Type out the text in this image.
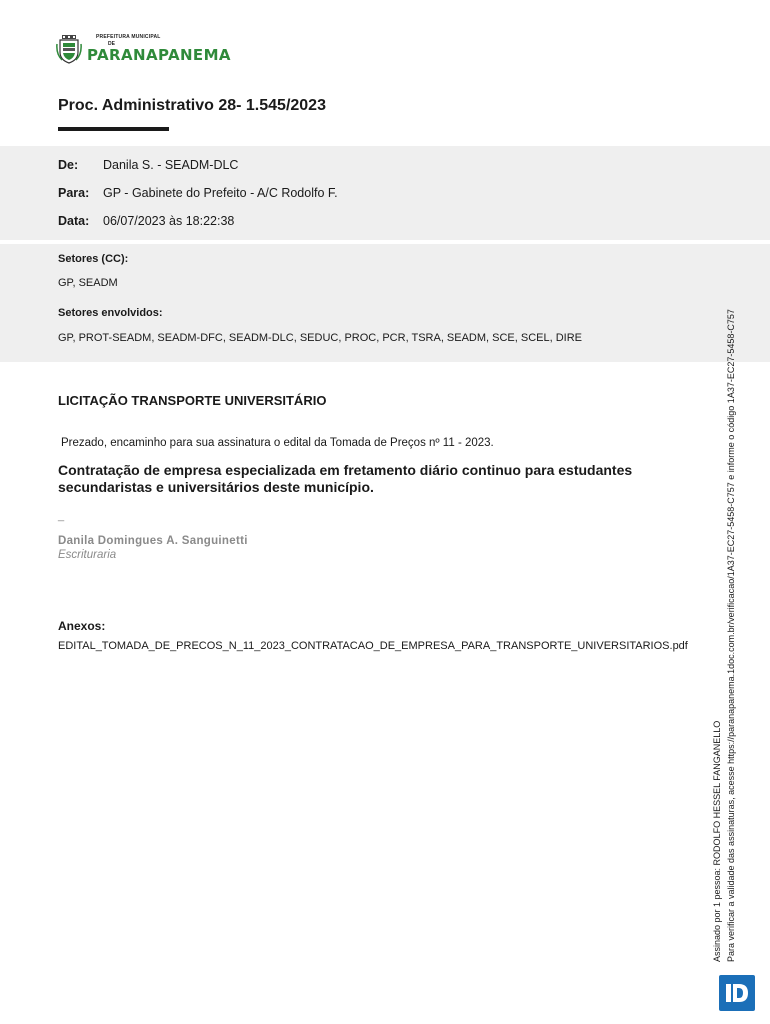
PREFEITURA MUNICIPAL
DE
PARANAPANEMA
Proc. Administrativo 28- 1.545/2023
De: Danila S. - SEADM-DLC
Para: GP - Gabinete do Prefeito - A/C Rodolfo F.
Data: 06/07/2023 às 18:22:38
Setores (CC):
GP, SEADM
Setores envolvidos:
GP, PROT-SEADM, SEADM-DFC, SEADM-DLC, SEDUC, PROC, PCR, TSRA, SEADM, SCE, SCEL, DIRE
LICITAÇÃO TRANSPORTE UNIVERSITÁRIO
Prezado, encaminho para sua assinatura o edital da Tomada de Preços nº 11 - 2023.
Contratação de empresa especializada em fretamento diário continuo para estudantes secundaristas e universitários deste município.
_
Danila Domingues A. Sanguinetti
Escrituraria
Anexos:
EDITAL_TOMADA_DE_PRECOS_N_11_2023_CONTRATACAO_DE_EMPRESA_PARA_TRANSPORTE_UNIVERSITARIOS.pdf
Assinado por 1 pessoa: RODOLFO HESSEL FANGANELLO Para verificar a validade das assinaturas, acesse https://paranapanema.1doc.com.br/verificacao/1A37-EC27-5458-C757 e informe o código 1A37-EC27-5458-C757
